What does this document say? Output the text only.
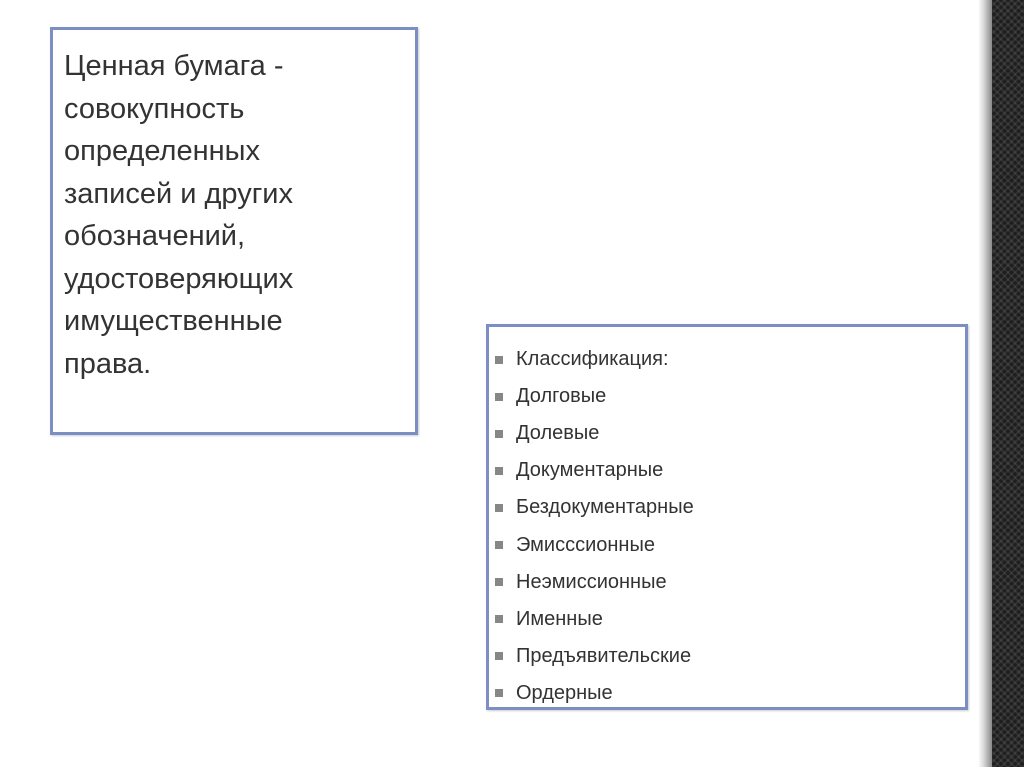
Ценная бумага -
совокупность
определенных
записей и других
обозначений,
удостоверяющих
имущественные
права.	Классификация:
Долговые
Долевые
Документарные
Бездокументарные
Эмисссионные
Неэмиссионные
Именные
Предъявительские
Ордерные
